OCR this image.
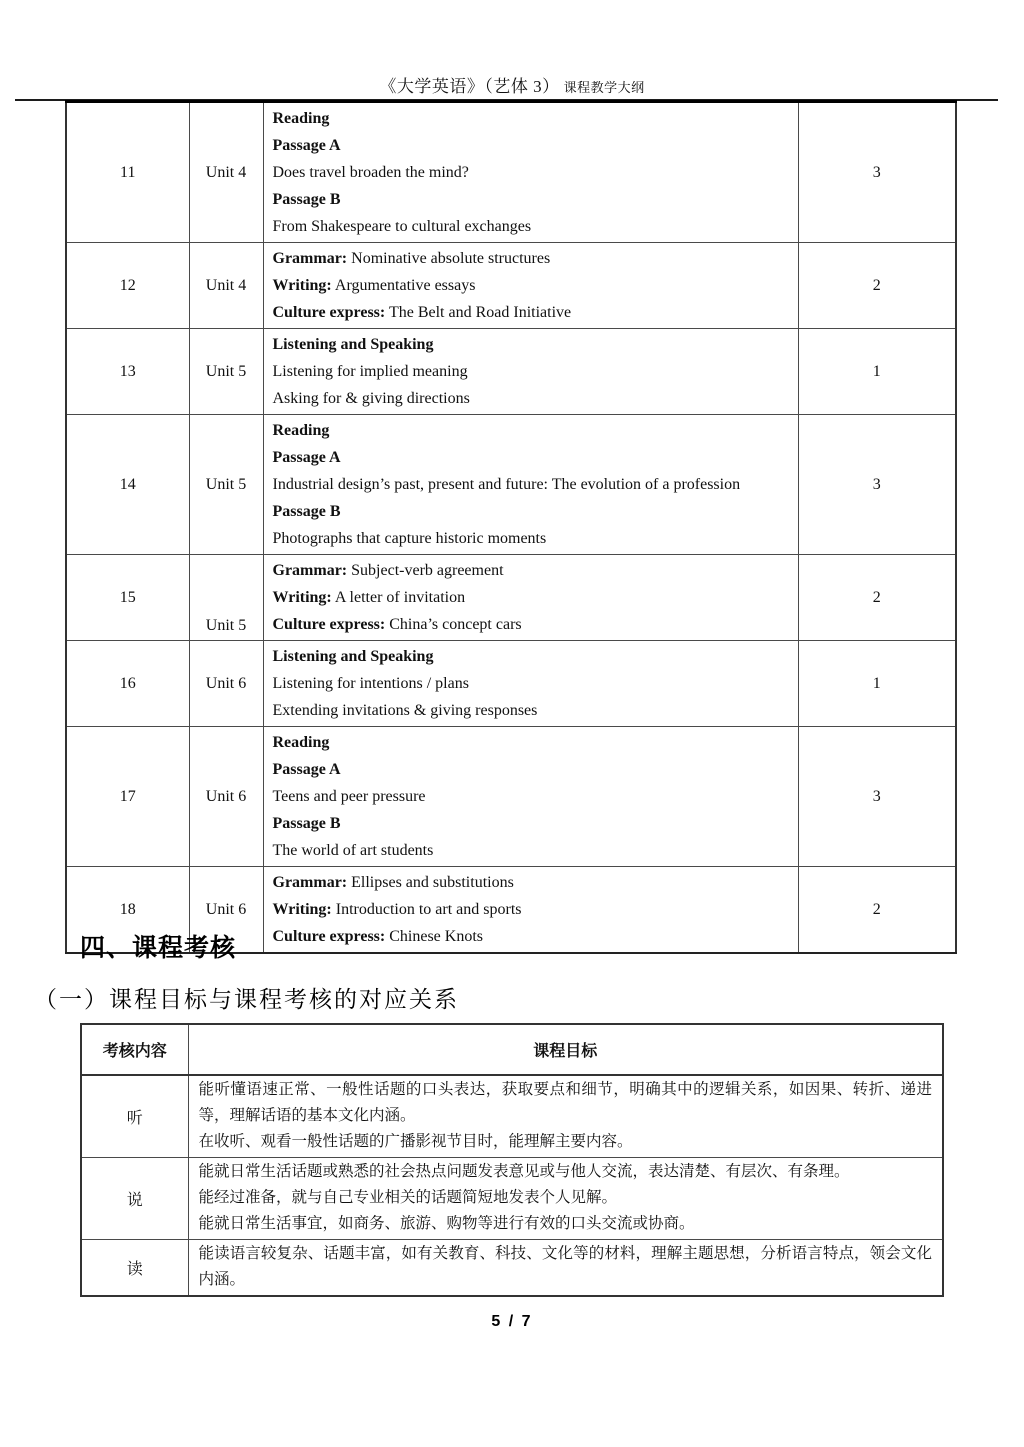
《大学英语》（艺体 3） 课程教学大纲
11	Unit 4	Reading

Passage A

Does travel broaden the mind?

Passage B

From Shakespeare to cultural exchanges	3
12	Unit 4	Grammar: Nominative absolute structures

Writing: Argumentative essays

Culture express: The Belt and Road Initiative	2
13	Unit 5	Listening and Speaking

Listening for implied meaning

Asking for & giving directions	1
14	Unit 5	Reading

Passage A

Industrial design’s past, present and future: The evolution of a profession

Passage B

Photographs that capture historic moments	3
15	Unit 5	Grammar: Subject-verb agreement

Writing: A letter of invitation

Culture express: China’s concept cars	2
16	Unit 6	Listening and Speaking

Listening for intentions / plans

Extending invitations & giving responses	1
17	Unit 6	Reading

Passage A

Teens and peer pressure

Passage B

The world of art students	3
18	Unit 6	Grammar: Ellipses and substitutions

Writing: Introduction to art and sports

Culture express: Chinese Knots	2
四、课程考核
（一）课程目标与课程考核的对应关系
考核内容	课程目标
听	能听懂语速正常、一般性话题的口头表达，获取要点和细节，明确其中的逻辑关系，如因果、转折、递进等，理解话语的基本文化内涵。

在收听、观看一般性话题的广播影视节目时，能理解主要内容。

说	能就日常生活话题或熟悉的社会热点问题发表意见或与他人交流，表达清楚、有层次、有条理。

能经过准备，就与自己专业相关的话题简短地发表个人见解。

能就日常生活事宜，如商务、旅游、购物等进行有效的口头交流或协商。

读	能读语言较复杂、话题丰富，如有关教育、科技、文化等的材料，理解主题思想，分析语言特点，领会文化内涵。

5 / 7
